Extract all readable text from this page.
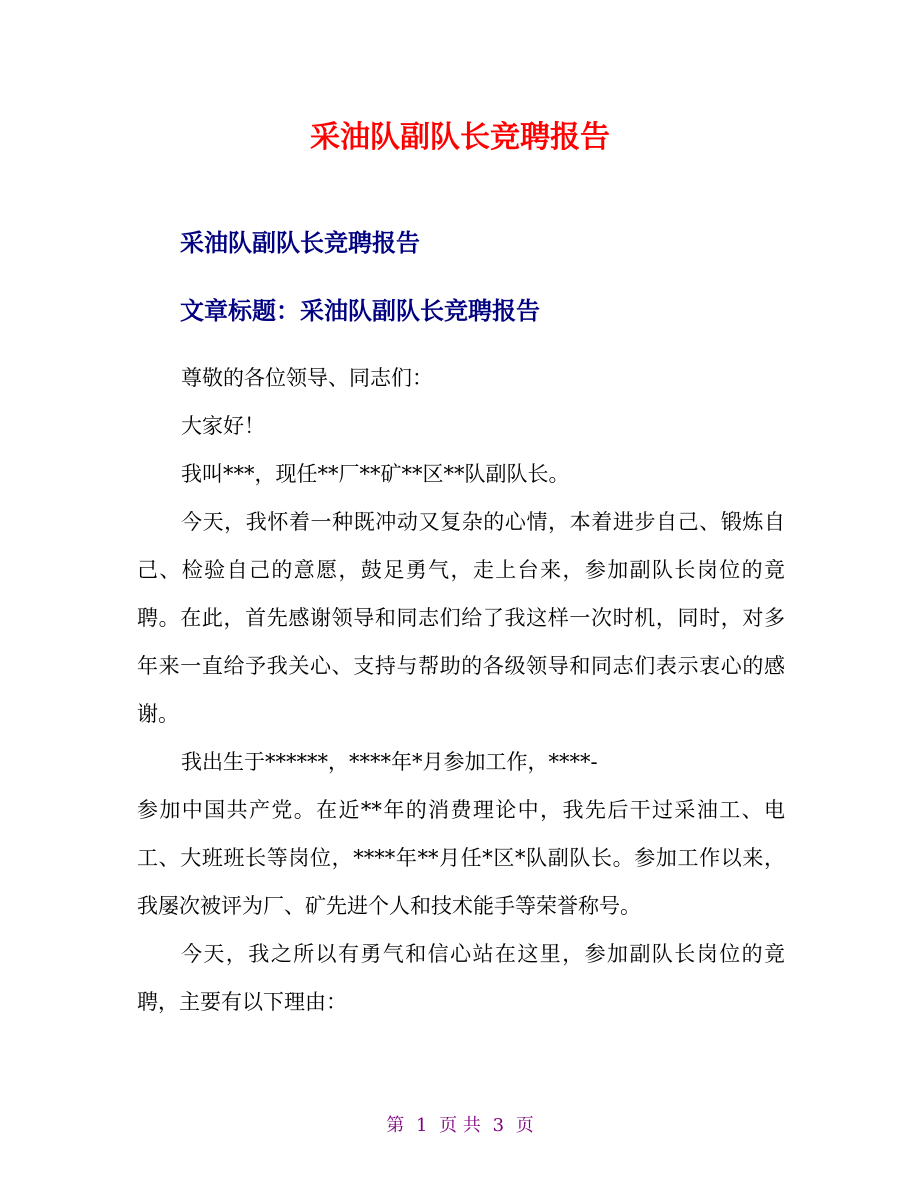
采油队副队长竞聘报告
采油队副队长竞聘报告
文章标题：采油队副队长竞聘报告

尊敬的各位领导、同志们：

大家好！

我叫***，现任**厂**矿**区**队副队长。

今天，我怀着一种既冲动又复杂的心情，本着进步自己、锻炼自己、检验自己的意愿，鼓足勇气，走上台来，参加副队长岗位的竟聘。在此，首先感谢领导和同志们给了我这样一次时机，同时，对多年来一直给予我关心、支持与帮助的各级领导和同志们表示衷心的感谢。

我出生于******，****年*月参加工作，****-

参加中国共产党。在近**年的消费理论中，我先后干过采油工、电工、大班班长等岗位，****年**月任*区*队副队长。参加工作以来，我屡次被评为厂、矿先进个人和技术能手等荣誉称号。

今天，我之所以有勇气和信心站在这里，参加副队长岗位的竟聘，主要有以下理由：

第 1 页 共 3 页
